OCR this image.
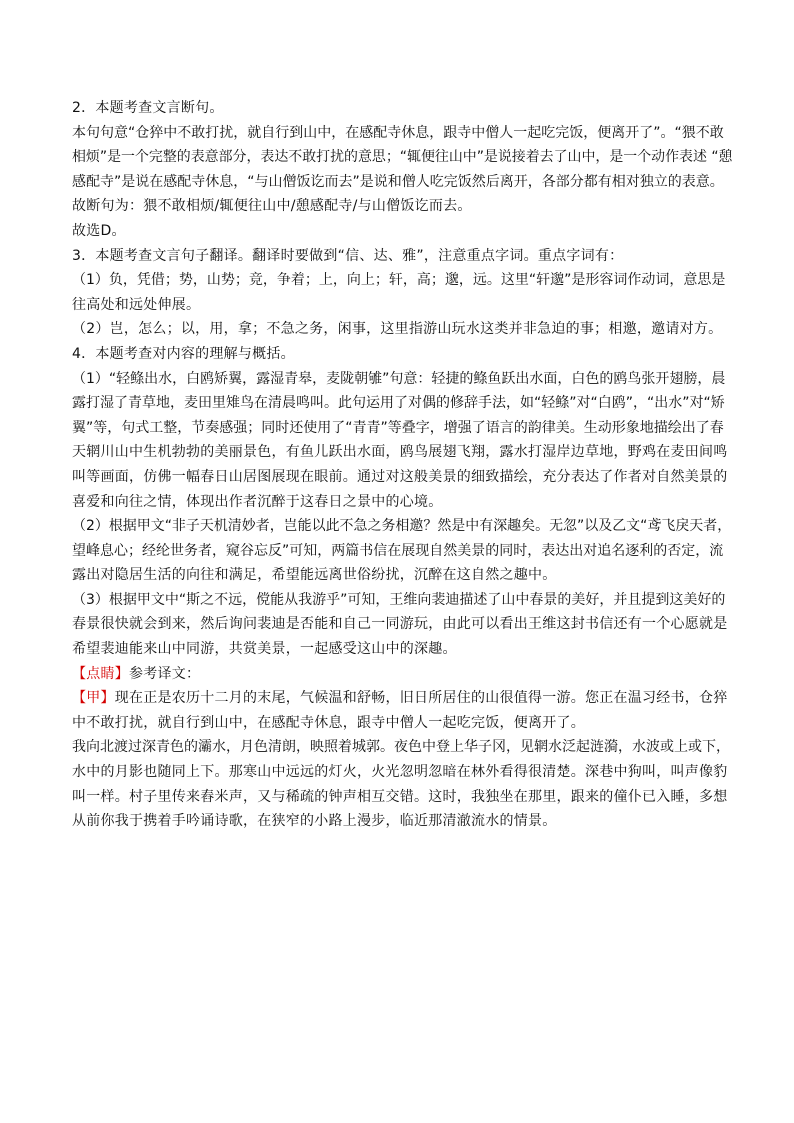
2．本题考查文言断句。
本句句意“仓猝中不敢打扰，就自行到山中，在感配寺休息，跟寺中僧人一起吃完饭，便离开了”。“猥不敢
相烦”是一个完整的表意部分，表达不敢打扰的意思；“辄便往山中”是说接着去了山中，是一个动作表述 “憩
感配寺”是说在感配寺休息，“与山僧饭讫而去”是说和僧人吃完饭然后离开，各部分都有相对独立的表意。
故断句为：猥不敢相烦/辄便往山中/憩感配寺/与山僧饭讫而去。
故选D。
3．本题考查文言句子翻译。翻译时要做到“信、达、雅”，注意重点字词。重点字词有：
（1）负，凭借；势，山势；竞，争着；上，向上；轩，高；邈，远。这里“轩邈”是形容词作动词，意思是
往高处和远处伸展。
（2）岂，怎么；以，用，拿；不急之务，闲事，这里指游山玩水这类并非急迫的事；相邀，邀请对方。
4．本题考查对内容的理解与概括。
（1）“轻鲦出水，白鸥矫翼，露湿青皋，麦陇朝雊”句意：轻捷的鲦鱼跃出水面，白色的鸥鸟张开翅膀，晨
露打湿了青草地，麦田里雉鸟在清晨鸣叫。此句运用了对偶的修辞手法，如“轻鲦”对“白鸥”，“出水”对“矫
翼”等，句式工整，节奏感强；同时还使用了“青青”等叠字，增强了语言的韵律美。生动形象地描绘出了春
天辋川山中生机勃勃的美丽景色，有鱼儿跃出水面，鸥鸟展翅飞翔，露水打湿岸边草地，野鸡在麦田间鸣
叫等画面，仿佛一幅春日山居图展现在眼前。通过对这般美景的细致描绘，充分表达了作者对自然美景的
喜爱和向往之情，体现出作者沉醉于这春日之景中的心境。
（2）根据甲文“非子天机清妙者，岂能以此不急之务相邀？然是中有深趣矣。无忽”以及乙文“鸢飞戾天者，
望峰息心；经纶世务者，窥谷忘反”可知，两篇书信在展现自然美景的同时，表达出对追名逐利的否定，流
露出对隐居生活的向往和满足，希望能远离世俗纷扰，沉醉在这自然之趣中。
（3）根据甲文中“斯之不远，傥能从我游乎”可知，王维向裴迪描述了山中春景的美好，并且提到这美好的
春景很快就会到来，然后询问裴迪是否能和自己一同游玩，由此可以看出王维这封书信还有一个心愿就是
希望裴迪能来山中同游，共赏美景，一起感受这山中的深趣。
【点睛】参考译文：
【甲】现在正是农历十二月的末尾，气候温和舒畅，旧日所居住的山很值得一游。您正在温习经书，仓猝
中不敢打扰，就自行到山中，在感配寺休息，跟寺中僧人一起吃完饭，便离开了。
我向北渡过深青色的灞水，月色清朗，映照着城郭。夜色中登上华子冈，见辋水泛起涟漪，水波或上或下，
水中的月影也随同上下。那寒山中远远的灯火，火光忽明忽暗在林外看得很清楚。深巷中狗叫，叫声像豹
叫一样。村子里传来舂米声，又与稀疏的钟声相互交错。这时，我独坐在那里，跟来的僮仆已入睡，多想
从前你我于携着手吟诵诗歌，在狭窄的小路上漫步，临近那清澈流水的情景。
